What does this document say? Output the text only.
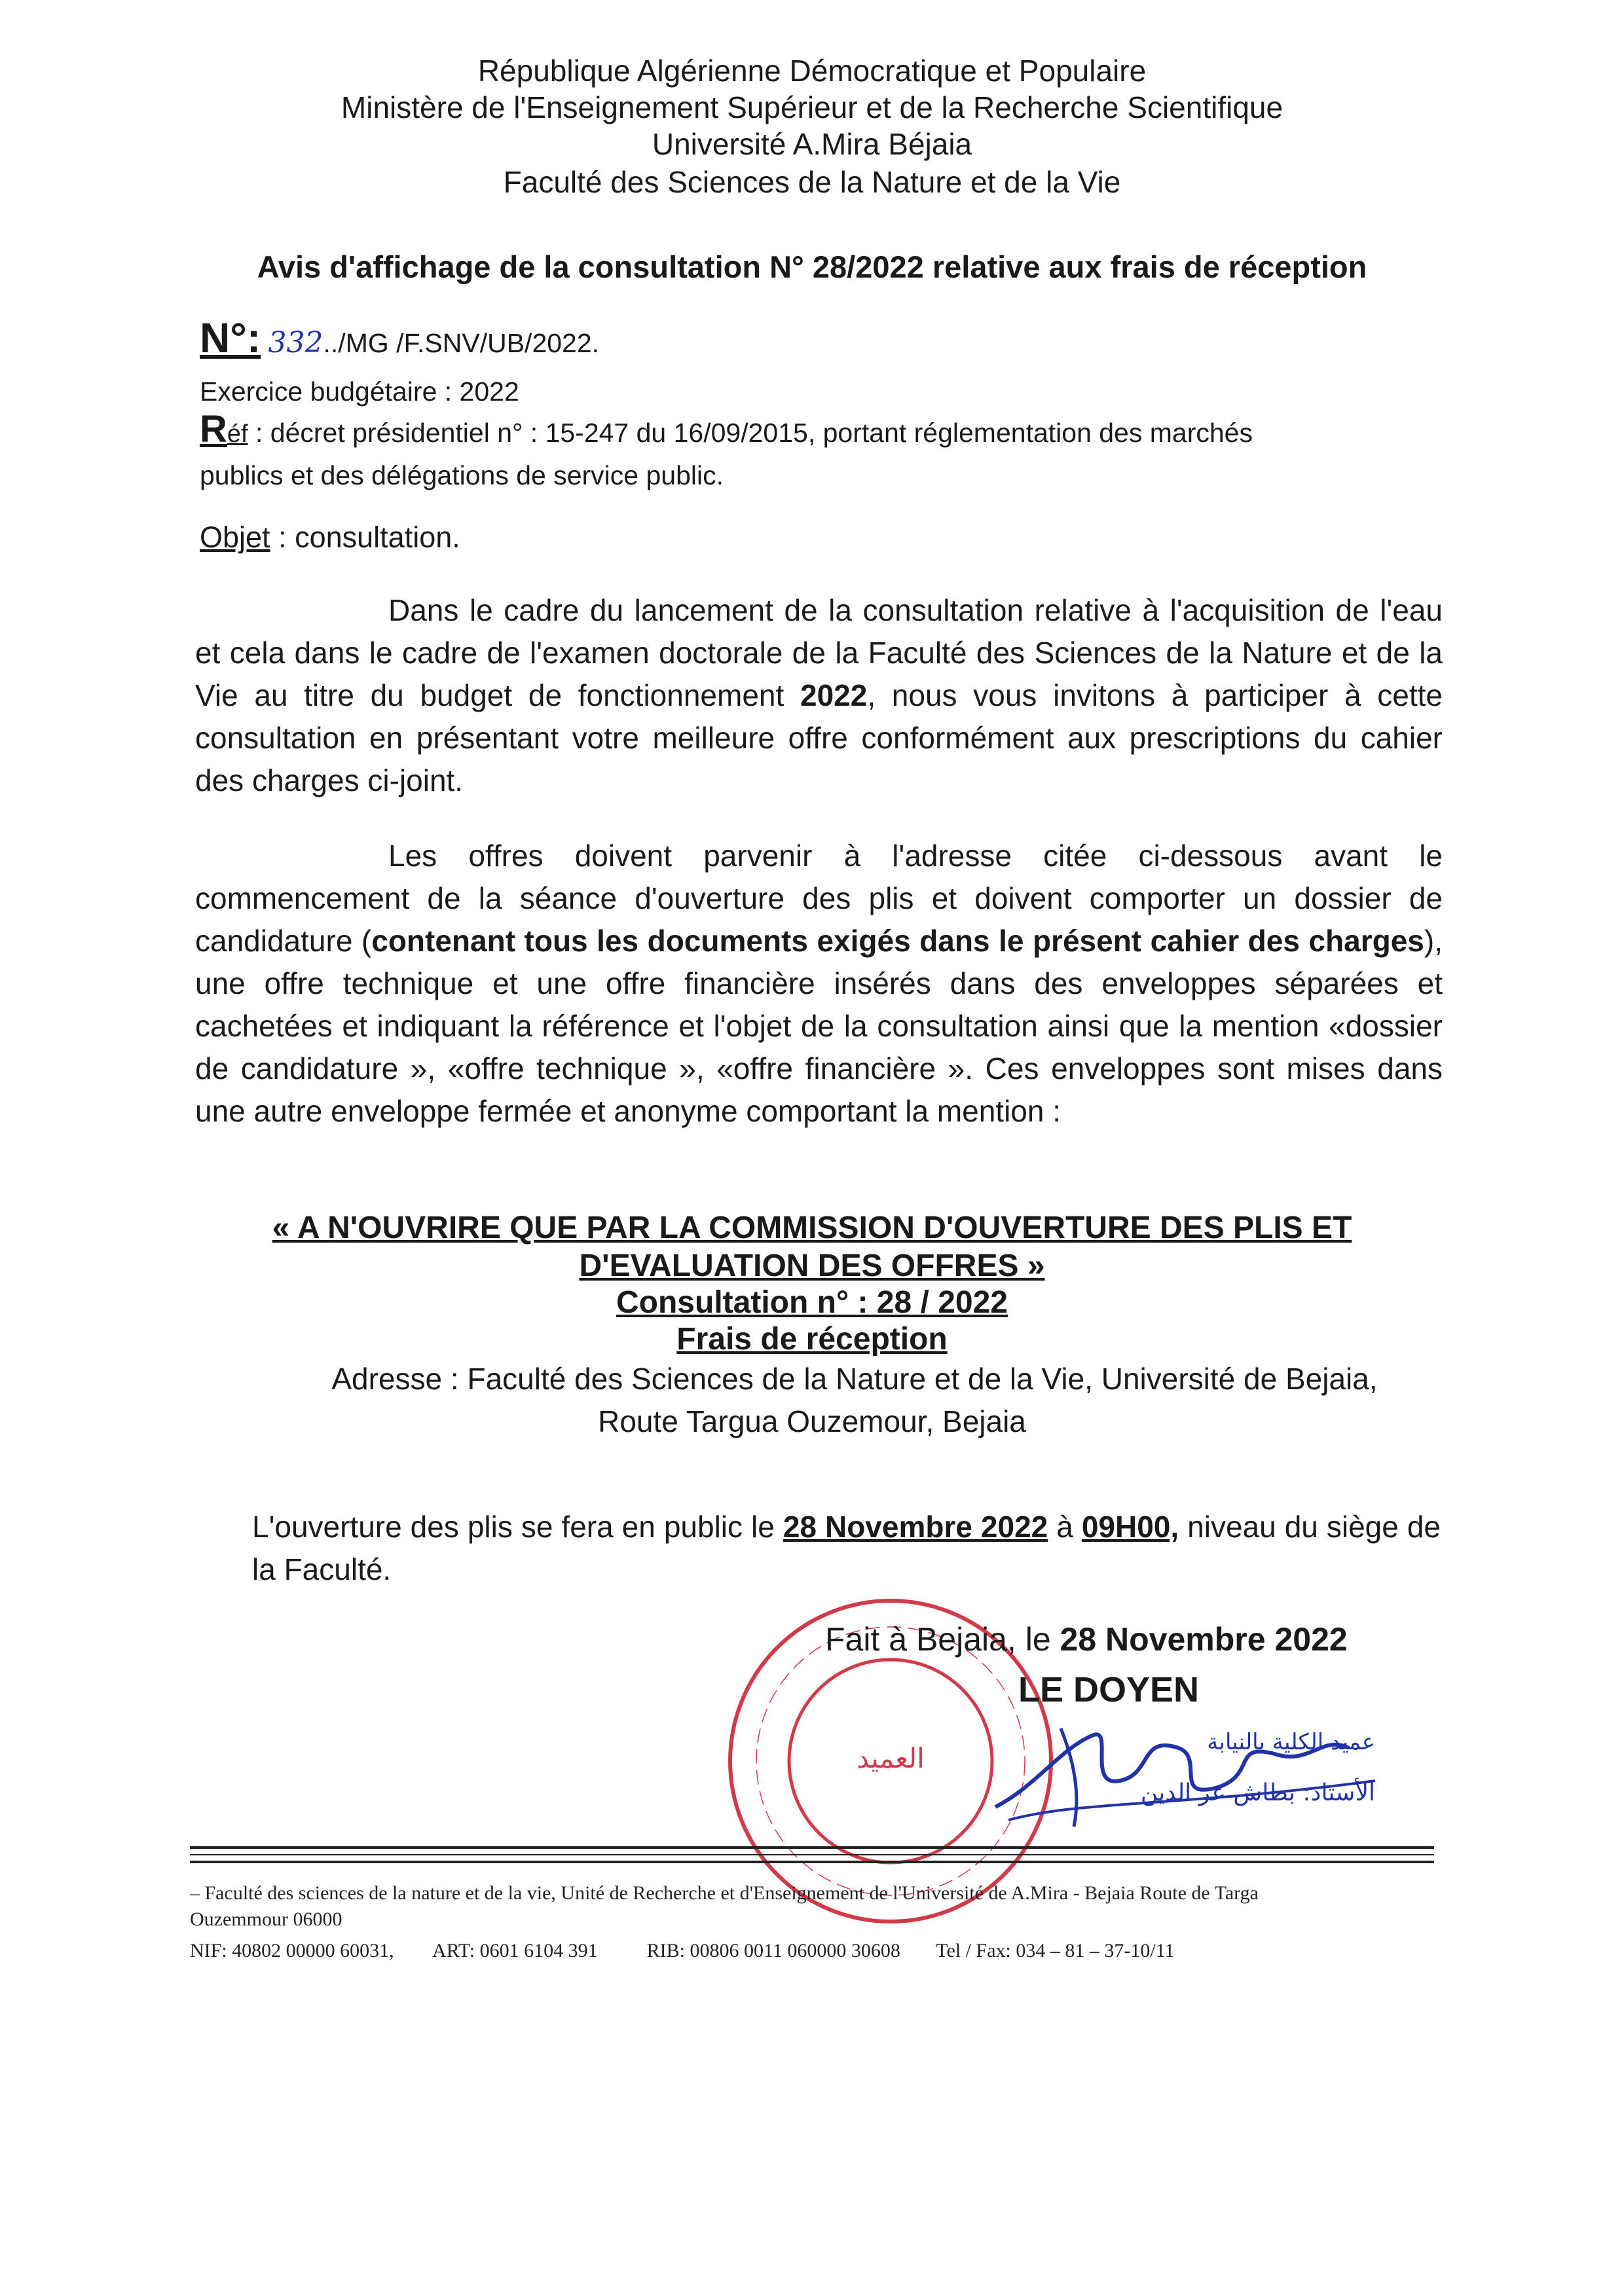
République Algérienne Démocratique et Populaire
Ministère de l'Enseignement Supérieur et de la Recherche Scientifique
Université A.Mira Béjaia
Faculté des Sciences de la Nature et de la Vie
Avis d'affichage de la consultation N° 28/2022 relative aux frais de réception
N°: 332../MG /F.SNV/UB/2022.
Exercice budgétaire : 2022
Réf : décret présidentiel n° : 15-247 du 16/09/2015, portant réglementation des marchés
publics et des délégations de service public.
Objet : consultation.
Dans le cadre du lancement de la consultation relative à l'acquisition de l'eau et cela dans le cadre de l'examen doctorale de la Faculté des Sciences de la Nature et de la Vie au titre du budget de fonctionnement 2022, nous vous invitons à participer à cette consultation en présentant votre meilleure offre conformément aux prescriptions du cahier des charges ci-joint.
Les offres doivent parvenir à l'adresse citée ci-dessous avant le commencement de la séance d'ouverture des plis et doivent comporter un dossier de candidature (contenant tous les documents exigés dans le présent cahier des charges), une offre technique et une offre financière insérés dans des enveloppes séparées et cachetées et indiquant la référence et l'objet de la consultation ainsi que la mention «dossier de candidature », «offre technique », «offre financière ». Ces enveloppes sont mises dans une autre enveloppe fermée et anonyme comportant la mention :
« A N'OUVRIRE QUE PAR LA COMMISSION D'OUVERTURE DES PLIS ET
D'EVALUATION DES OFFRES »
Consultation n° : 28 / 2022
Frais de réception
Adresse : Faculté des Sciences de la Nature et de la Vie, Université de Bejaia,
Route Targua Ouzemour, Bejaia
L'ouverture des plis se fera en public le 28 Novembre 2022 à 09H00, niveau du siège de la Faculté.
العميد
Fait à Bejaia, le 28 Novembre 2022
LE DOYEN
عميد الكلية بالنيابة
الأستاذ: بطاش عز الدين
– Faculté des sciences de la nature et de la vie, Unité de Recherche et d'Enseignement de l'Université de A.Mira - Bejaia Route de Targa
Ouzemmour 06000
NIF: 40802 00000 60031, ART: 0601 6104 391	RIB: 00806 0011 060000 30608 Tel / Fax: 034 – 81 – 37-10/11
